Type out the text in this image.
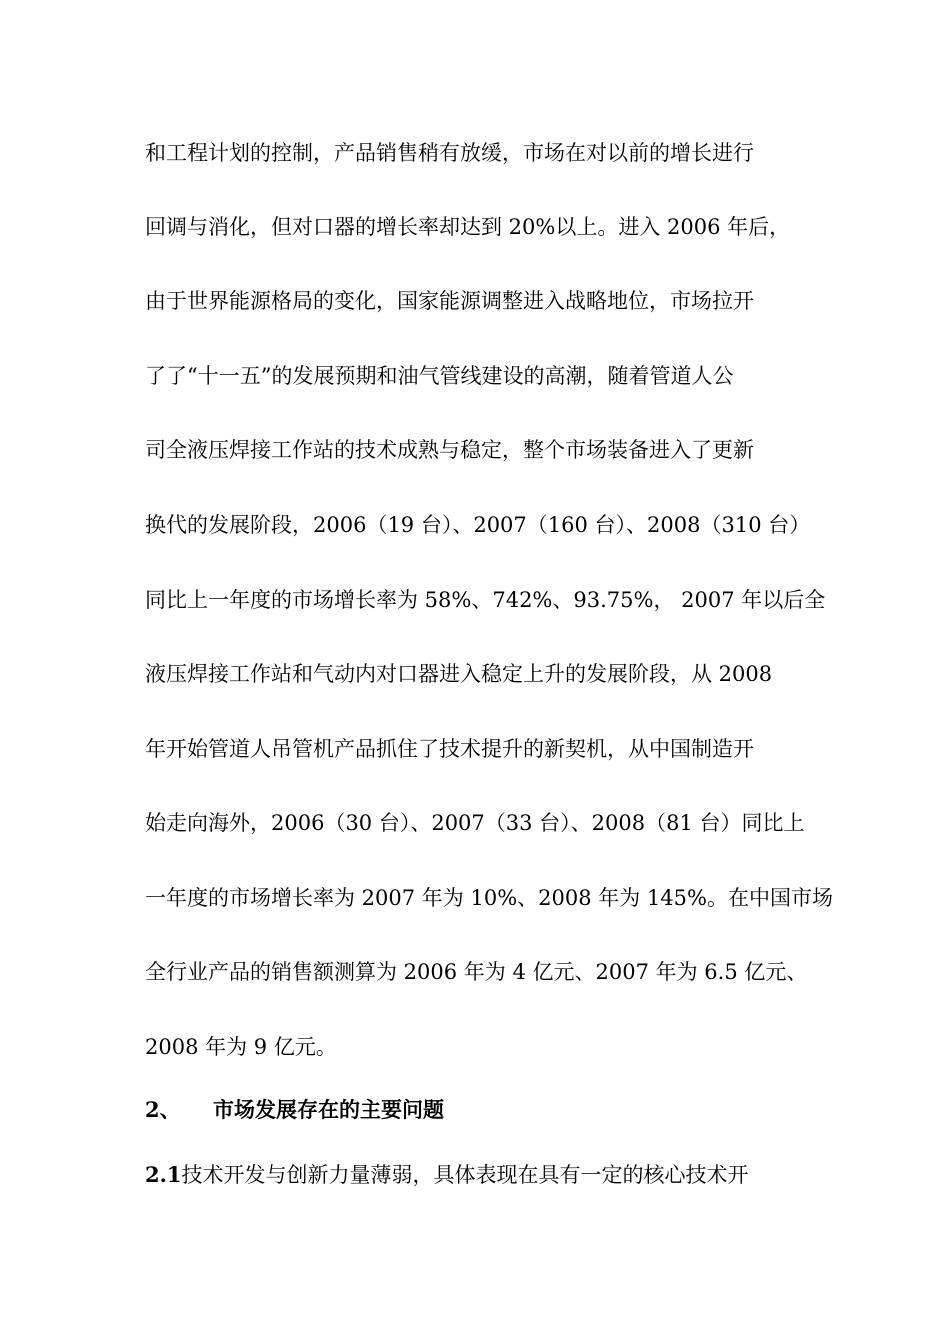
和工程计划的控制，产品销售稍有放缓，市场在对以前的增长进行
回调与消化，但对口器的增长率却达到 20%以上。进入 2006 年后，
由于世界能源格局的变化，国家能源调整进入战略地位，市场拉开
了了“十一五”的发展预期和油气管线建设的高潮，随着管道人公
司全液压焊接工作站的技术成熟与稳定，整个市场装备进入了更新
换代的发展阶段，2006（19 台）、2007（160 台）、2008（310 台）
同比上一年度的市场增长率为 58%、742%、93.75%， 2007 年以后全
液压焊接工作站和气动内对口器进入稳定上升的发展阶段，从 2008
年开始管道人吊管机产品抓住了技术提升的新契机，从中国制造开
始走向海外，2006（30 台）、2007（33 台）、2008（81 台）同比上
一年度的市场增长率为 2007 年为 10%、2008 年为 145%。在中国市场
全行业产品的销售额测算为 2006 年为 4 亿元、2007 年为 6.5 亿元、
2008 年为 9 亿元。
2、 市场发展存在的主要问题
2.1技术开发与创新力量薄弱，具体表现在具有一定的核心技术开
